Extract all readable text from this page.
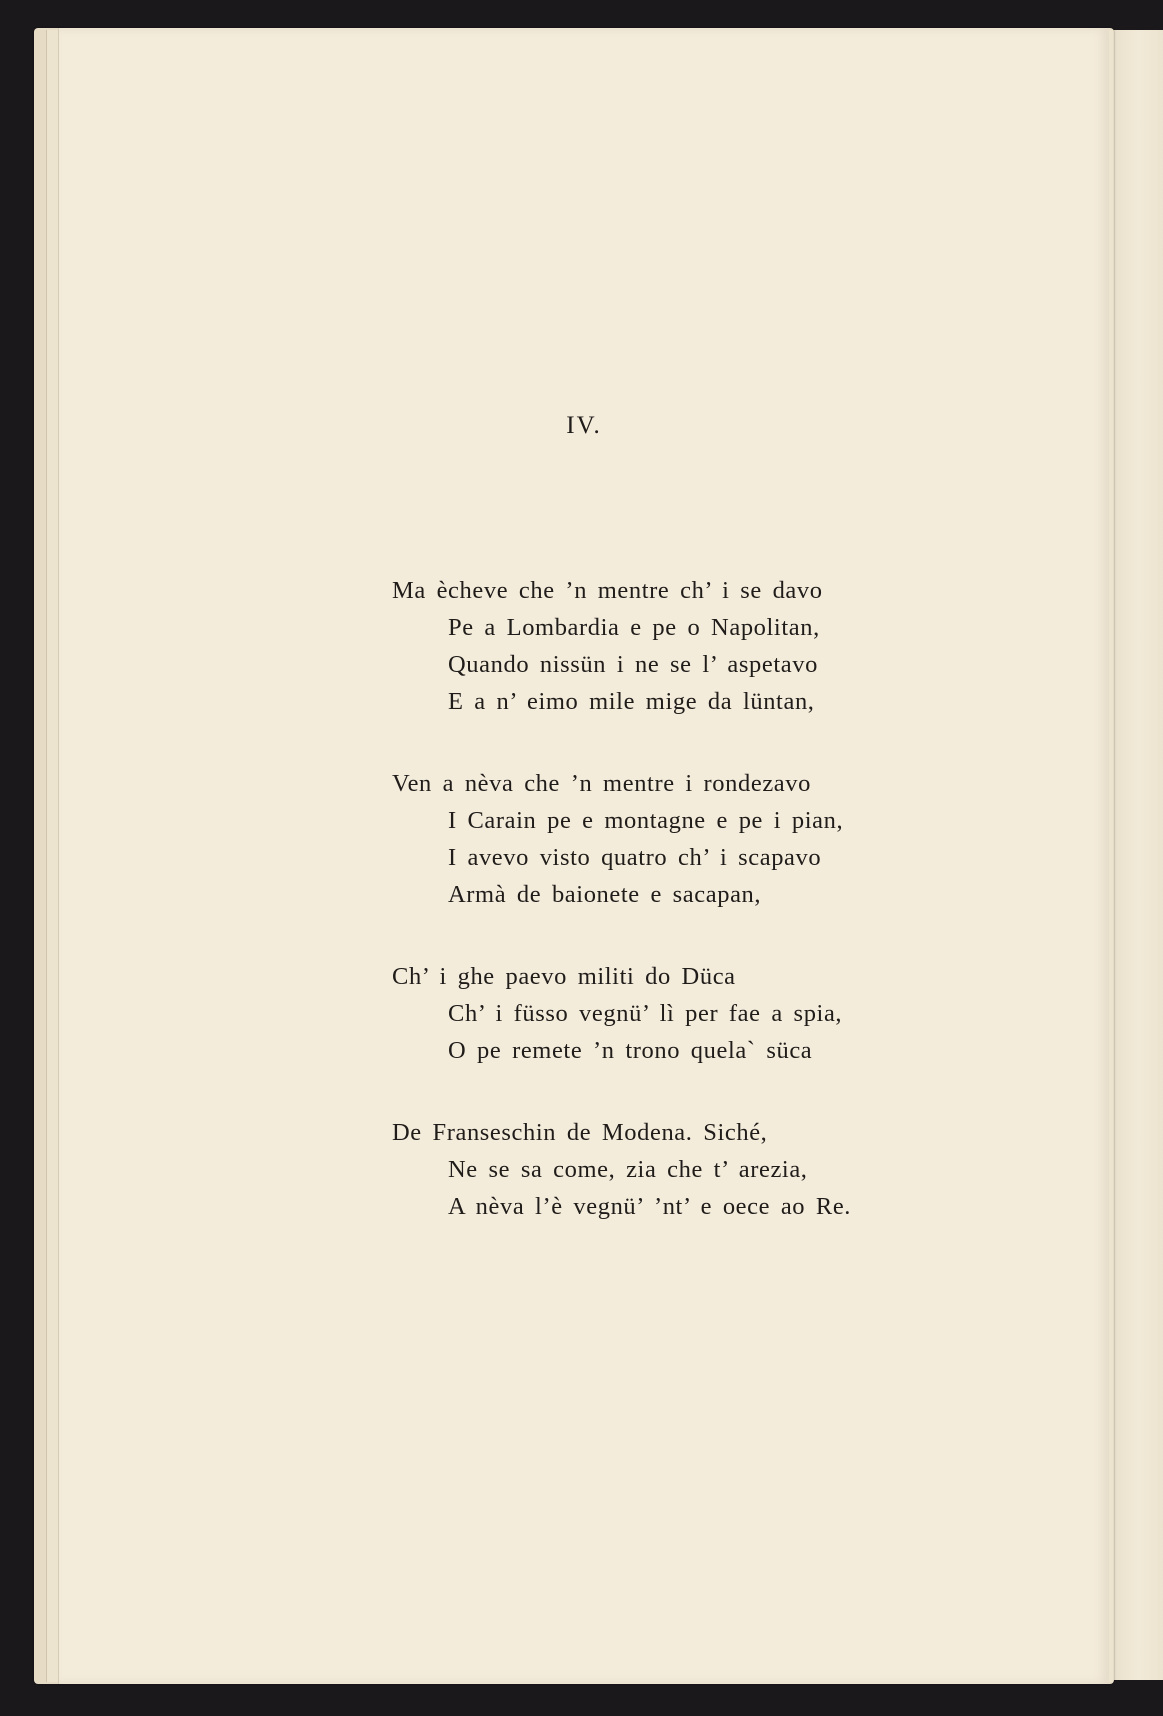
IV.
Ma ècheve che ’n mentre ch’ i se davo
Pe a Lombardia e pe o Napolitan,
Quando nissün i ne se l’ aspetavo
E a n’ eimo mile mige da lüntan,
Ven a nèva che ’n mentre i rondezavo
I Carain pe e montagne e pe i pian,
I avevo visto quatro ch’ i scapavo
Armà de baionete e sacapan,
Ch’ i ghe paevo militi do Düca
Ch’ i füsso vegnü’ lì per fae a spia,
O pe remete ’n trono quela` süca
De Franseschin de Modena. Siché,
Ne se sa come, zia che t’ arezia,
A nèva l’è vegnü’ ’nt’ e oece ao Re.
